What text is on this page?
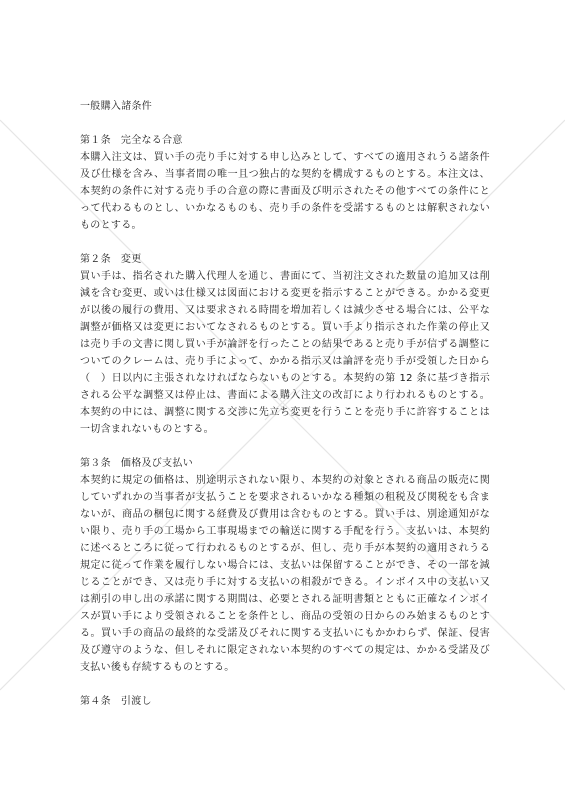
一般購入諸条件
第１条 完全なる合意
本購入注文は、買い手の売り手に対する申し込みとして、すべての適用されうる諸条件及び仕様を含み、当事者間の唯一且つ独占的な契約を構成するものとする。本注文は、本契約の条件に対する売り手の合意の際に書面及び明示されたその他すべての条件にとって代わるものとし、いかなるものも、売り手の条件を受諾するものとは解釈されないものとする。
第２条 変更
買い手は、指名された購入代理人を通じ、書面にて、当初注文された数量の追加又は削減を含む変更、或いは仕様又は図面における変更を指示することができる。かかる変更が以後の履行の費用、又は要求される時間を増加若しくは減少させる場合には、公平な調整が価格又は変更においてなされるものとする。買い手より指示された作業の停止又は売り手の文書に関し買い手が論評を行ったことの結果であると売り手が信ずる調整についてのクレームは、売り手によって、かかる指示又は論評を売り手が受領した日から（　）日以内に主張されなければならないものとする。本契約の第 12 条に基づき指示される公平な調整又は停止は、書面による購入注文の改訂により行われるものとする。本契約の中には、調整に関する交渉に先立ち変更を行うことを売り手に許容することは一切含まれないものとする。
第３条 価格及び支払い
本契約に規定の価格は、別途明示されない限り、本契約の対象とされる商品の販売に関していずれかの当事者が支払うことを要求されるいかなる種類の租税及び関税をも含まないが、商品の梱包に関する経費及び費用は含むものとする。買い手は、別途通知がない限り、売り手の工場から工事現場までの輸送に関する手配を行う。支払いは、本契約に述べるところに従って行われるものとするが、但し、売り手が本契約の適用されうる規定に従って作業を履行しない場合には、支払いは保留することができ、その一部を減じることができ、又は売り手に対する支払いの相殺ができる。インボイス中の支払い又は割引の申し出の承諾に関する期間は、必要とされる証明書類とともに正確なインボイスが買い手により受領されることを条件とし、商品の受領の日からのみ始まるものとする。買い手の商品の最終的な受諾及びそれに関する支払いにもかかわらず、保証、侵害及び遵守のような、但しそれに限定されない本契約のすべての規定は、かかる受諾及び支払い後も存続するものとする。
第４条 引渡し
